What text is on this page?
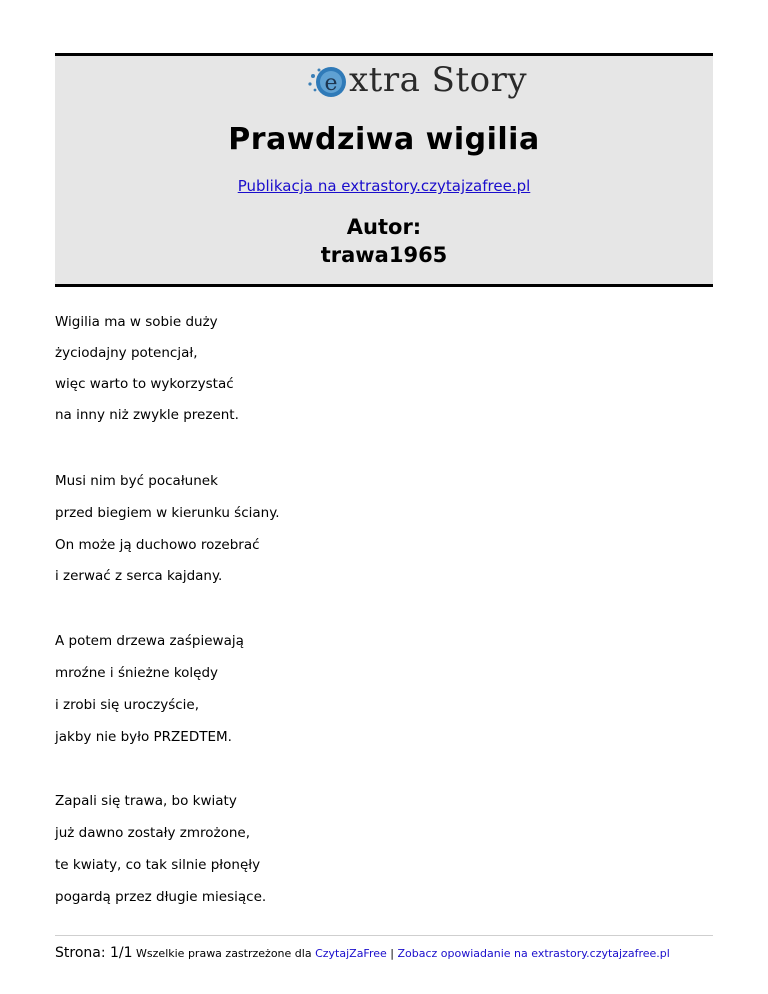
e xtra Story
Prawdziwa wigilia
Publikacja na extrastory.czytajzafree.pl
Autor:
trawa1965
Wigilia ma w sobie duży
życiodajny potencjał,
więc warto to wykorzystać
na inny niż zwykle prezent.
Musi nim być pocałunek
przed biegiem w kierunku ściany.
On może ją duchowo rozebrać
i zerwać z serca kajdany.
A potem drzewa zaśpiewają
mroźne i śnieżne kolędy
i zrobi się uroczyście,
jakby nie było PRZEDTEM.
Zapali się trawa, bo kwiaty
już dawno zostały zmrożone,
te kwiaty, co tak silnie płonęły
pogardą przez długie miesiące.
Strona: 1/1 Wszelkie prawa zastrzeżone dla CzytajZaFree | Zobacz opowiadanie na extrastory.czytajzafree.pl
